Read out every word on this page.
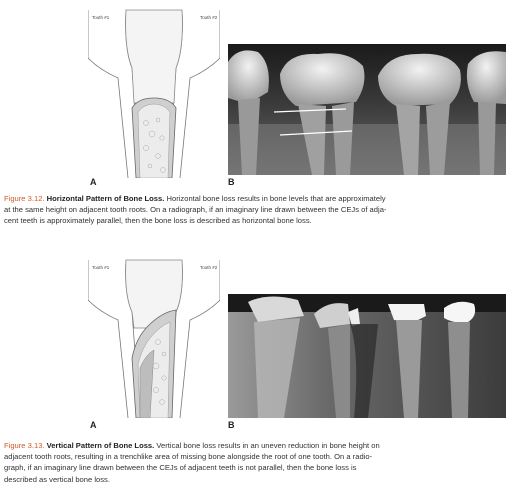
Tooth #1	Tooth #2
A	B
Figure 3.12. Horizontal Pattern of Bone Loss. Horizontal bone loss results in bone levels that are approximately
at the same height on adjacent tooth roots. On a radiograph, if an imaginary line drawn between the CEJs of adja-
cent teeth is approximately parallel, then the bone loss is described as horizontal bone loss.
Tooth #1	Tooth #2
A	B
Figure 3.13. Vertical Pattern of Bone Loss. Vertical bone loss results in an uneven reduction in bone height on
adjacent tooth roots, resulting in a trenchlike area of missing bone alongside the root of one tooth. On a radio-
graph, if an imaginary line drawn between the CEJs of adjacent teeth is not parallel, then the bone loss is
described as vertical bone loss.
